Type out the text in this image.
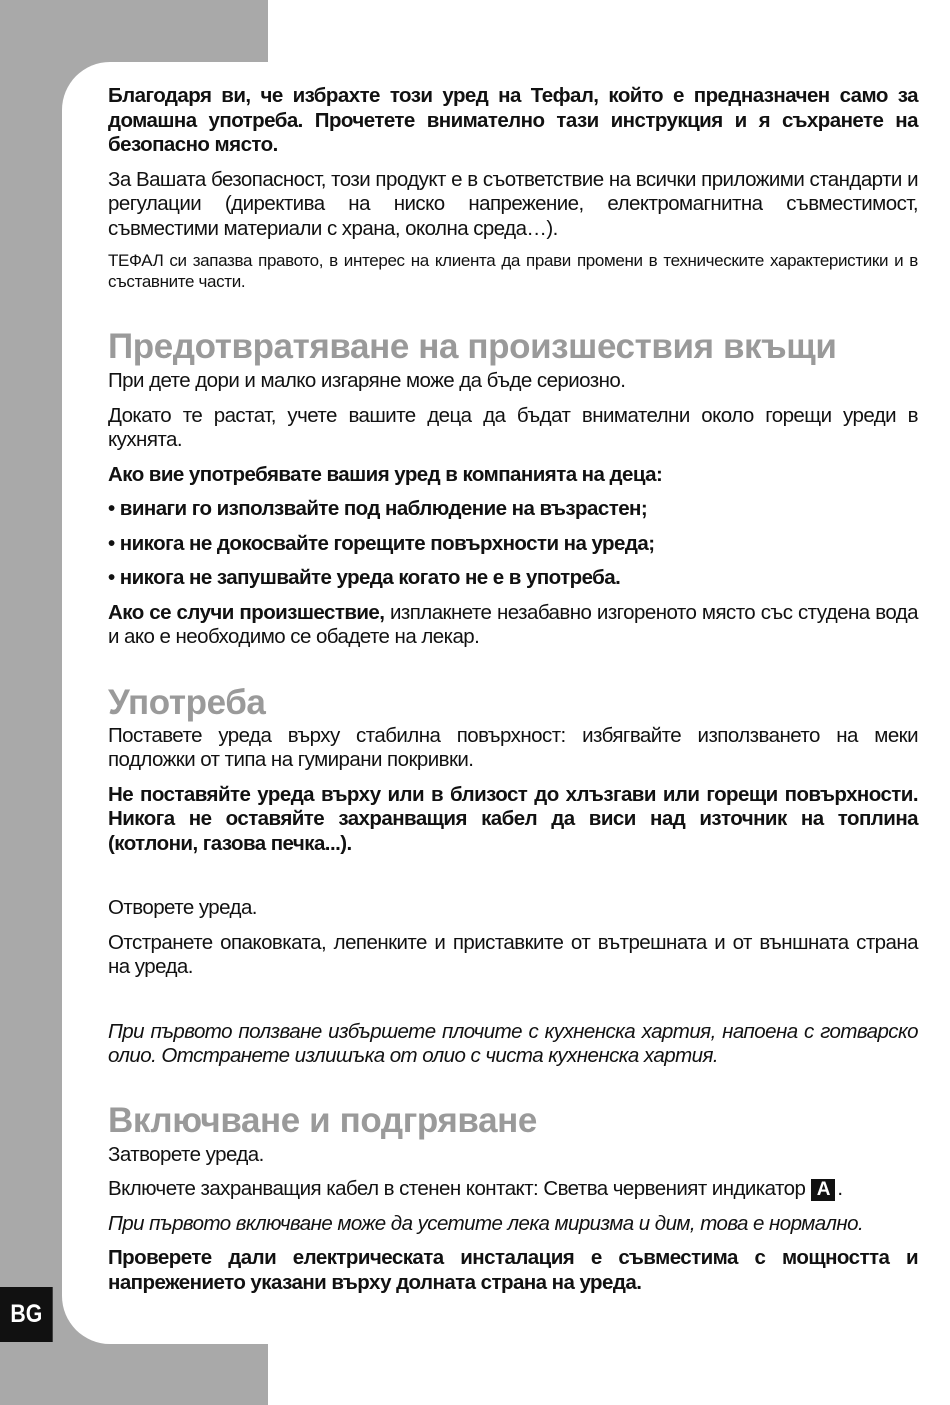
BG

Благодаря ви, че избрахте този уред на Тефал, който е предназначен само за домашна употреба. Прочетете внимателно тази инструкция и я съхранете на безопасно място.

За Вашата безопасност, този продукт е в съответствие на всички приложими стандарти и регулации (директива на ниско напрежение, електромагнитна съвместимост, съвместими материали с храна, околна среда…).

ТЕФАЛ си запазва правото, в интерес на клиента да прави промени в техническите характеристики и в съставните части.

Предотвратяване на произшествия вкъщи

При дете дори и малко изгаряне може да бъде сериозно.

Докато те растат, учете вашите деца да бъдат внимателни около горещи уреди в кухнята.

Ако вие употребявате вашия уред в компанията на деца:

• винаги го използвайте под наблюдение на възрастен;

• никога не докосвайте горещите повърхности на уреда;

• никога не запушвайте уреда когато не е в употреба.

Ако се случи произшествие, изплакнете незабавно изгореното място със студена вода и ако е необходимо се обадете на лекар.

Употреба

Поставете уреда върху стабилна повърхност: избягвайте използването на меки подложки от типа на гумирани покривки.

Не поставяйте уреда върху или в близост до хлъзгави или горещи повърхности. Никога не оставяйте захранващия кабел да виси над източник на топлина (котлони, газова печка...).

Отворете уреда.

Отстранете опаковката, лепенките и приставките от вътрешната и от външната страна на уреда.

При първото ползване избършете плочите с кухненска хартия, напоена с готварско олио. Отстранете излишъка от олио с чиста кухненска хартия.

Включване и подгряване

Затворете уреда.

Включете захранващия кабел в стенен контакт: Светва червеният индикатор A .

При първото включване може да усетите лека миризма и дим, това е нормално.

Проверете дали електрическата инсталация е съвместима с мощността и напрежението указани върху долната страна на уреда.
